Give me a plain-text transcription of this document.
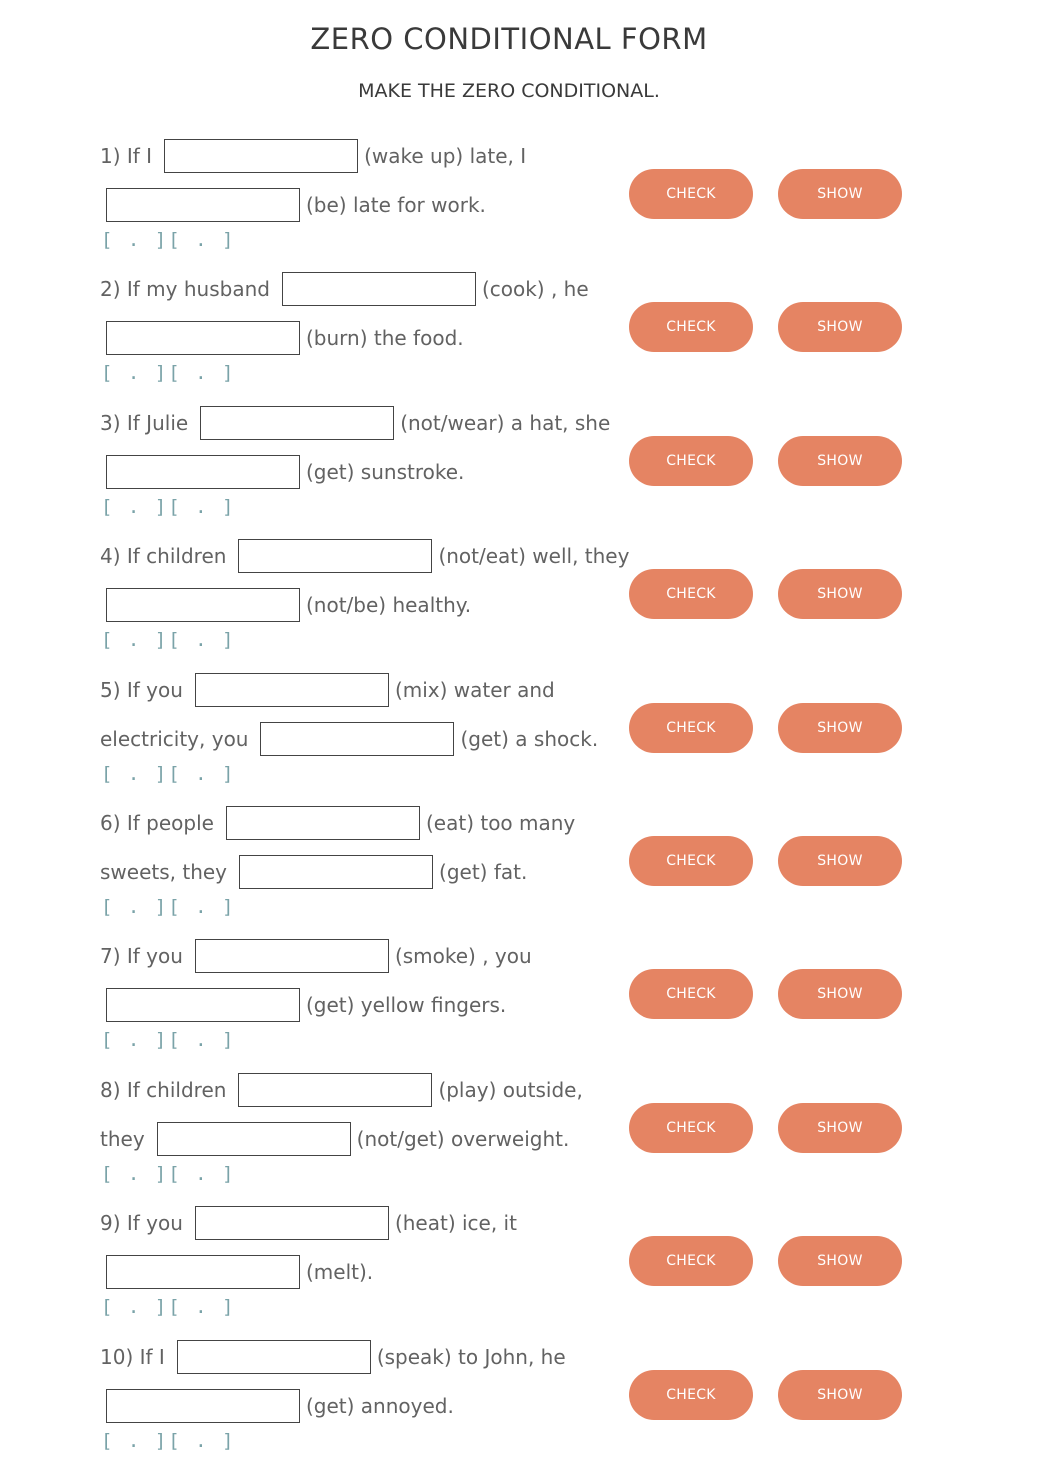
ZERO CONDITIONAL FORM
MAKE THE ZERO CONDITIONAL.
1) If I	(wake up) late, I
(be) late for work.
[ . ][ . ]
CHECK	SHOW
2) If my husband	(cook) , he
(burn) the food.
[ . ][ . ]
CHECK	SHOW
3) If Julie	(not/wear) a hat, she
(get) sunstroke.
[ . ][ . ]
CHECK	SHOW
4) If children	(not/eat) well, they
(not/be) healthy.
[ . ][ . ]
CHECK	SHOW
5) If you	(mix) water and
electricity, you	(get) a shock.
[ . ][ . ]
CHECK	SHOW
6) If people	(eat) too many
sweets, they	(get) fat.
[ . ][ . ]
CHECK	SHOW
7) If you	(smoke) , you
(get) yellow fingers.
[ . ][ . ]
CHECK	SHOW
8) If children	(play) outside,
they	(not/get) overweight.
[ . ][ . ]
CHECK	SHOW
9) If you	(heat) ice, it
(melt).
[ . ][ . ]
CHECK	SHOW
10) If I	(speak) to John, he
(get) annoyed.
[ . ][ . ]
CHECK	SHOW
